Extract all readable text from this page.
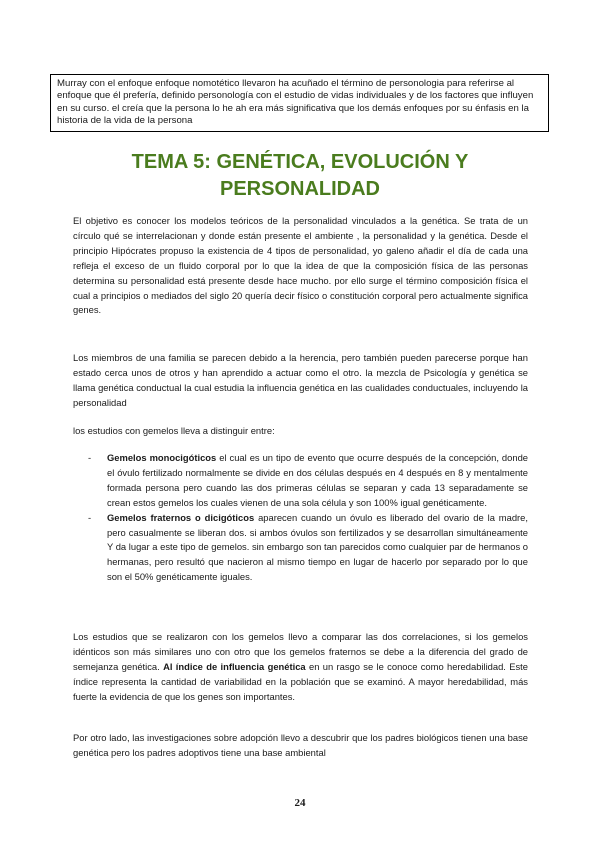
Murray con el enfoque enfoque nomotético llevaron ha acuñado el término de personologia para referirse al enfoque que él prefería, definido personología con el estudio de vidas individuales y de los factores que influyen en su curso. el creía que la persona lo he ah era más significativa que los demás enfoques por su énfasis en la historia de la vida de la persona
TEMA 5: GENÉTICA, EVOLUCIÓN Y
PERSONALIDAD
El objetivo es conocer los modelos teóricos de la personalidad vinculados a la genética. Se trata de un círculo qué se interrelacionan y donde están presente el ambiente , la personalidad y la genética. Desde el principio Hipócrates propuso la existencia de 4 tipos de personalidad, yo galeno añadir el día de cada una refleja el exceso de un fluido corporal por lo que la idea de que la composición física de las personas determina su personalidad está presente desde hace mucho. por ello surge el término composición física el cual a principios o mediados del siglo 20 quería decir físico o constitución corporal pero actualmente significa genes.
Los miembros de una familia se parecen debido a la herencia, pero también pueden parecerse porque han estado cerca unos de otros y han aprendido a actuar como el otro. la mezcla de Psicología y genética se llama genética conductual la cual estudia la influencia genética en las cualidades conductuales, incluyendo la personalidad
los estudios con gemelos lleva a distinguir entre:
- Gemelos monocigóticos el cual es un tipo de evento que ocurre después de la concepción, donde el óvulo fertilizado normalmente se divide en dos células después en 4 después en 8 y mentalmente formada persona pero cuando las dos primeras células se separan y cada 13 separadamente se crean estos gemelos los cuales vienen de una sola célula y son 100% igual genéticamente.
- Gemelos fraternos o dicigóticos aparecen cuando un óvulo es liberado del ovario de la madre, pero casualmente se liberan dos. si ambos óvulos son fertilizados y se desarrollan simultáneamente Y da lugar a este tipo de gemelos. sin embargo son tan parecidos como cualquier par de hermanos o hermanas, pero resultó que nacieron al mismo tiempo en lugar de hacerlo por separado por lo que son el 50% genéticamente iguales.
Los estudios que se realizaron con los gemelos llevo a comparar las dos correlaciones, si los gemelos idénticos son más similares uno con otro que los gemelos fraternos se debe a la diferencia del grado de semejanza genética. Al índice de influencia genética en un rasgo se le conoce como heredabilidad. Este índice representa la cantidad de variabilidad en la población que se examinó. A mayor heredabilidad, más fuerte la evidencia de que los genes son importantes.
Por otro lado, las investigaciones sobre adopción llevo a descubrir que los padres biológicos tienen una base genética pero los padres adoptivos tiene una base ambiental
24
